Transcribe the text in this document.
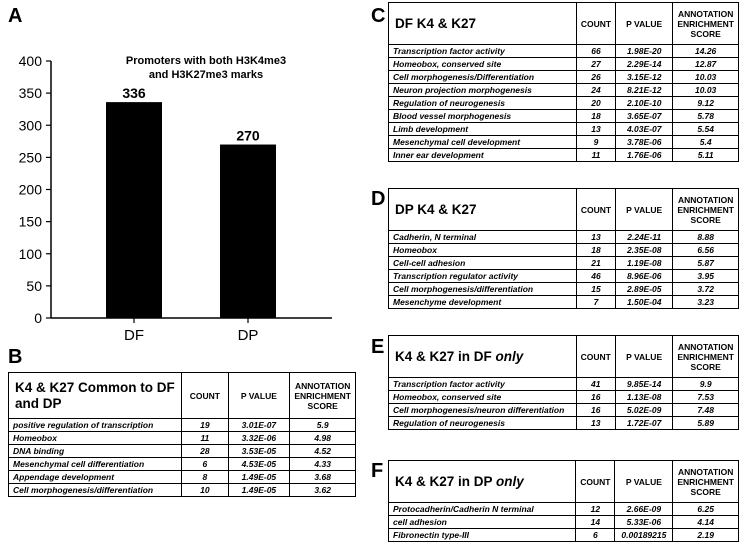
A
B
C
D
E
F
0
50
100
150
200
250
300
350
400
336
DF
270
DP
Promoters with both H3K4me3
and H3K27me3 marks
K4 & K27 Common to DF and DP	COUNT	P VALUE	ANNOTATION ENRICHMENT SCORE
positive regulation of transcription	19	3.01E-07	5.9
Homeobox	11	3.32E-06	4.98
DNA binding	28	3.53E-05	4.52
Mesenchymal cell differentiation	6	4.53E-05	4.33
Appendage development	8	1.49E-05	3.68
Cell morphogenesis/differentiation	10	1.49E-05	3.62
DF K4 & K27	COUNT	P VALUE	ANNOTATION ENRICHMENT SCORE
Transcription factor activity	66	1.98E-20	14.26
Homeobox, conserved site	27	2.29E-14	12.87
Cell morphogenesis/Differentiation	26	3.15E-12	10.03
Neuron projection morphogenesis	24	8.21E-12	10.03
Regulation of neurogenesis	20	2.10E-10	9.12
Blood vessel morphogenesis	18	3.65E-07	5.78
Limb development	13	4.03E-07	5.54
Mesenchymal cell development	9	3.78E-06	5.4
Inner ear development	11	1.76E-06	5.11
DP K4 & K27	COUNT	P VALUE	ANNOTATION ENRICHMENT SCORE
Cadherin, N terminal	13	2.24E-11	8.88
Homeobox	18	2.35E-08	6.56
Cell-cell adhesion	21	1.19E-08	5.87
Transcription regulator activity	46	8.96E-06	3.95
Cell morphogenesis/differentiation	15	2.89E-05	3.72
Mesenchyme development	7	1.50E-04	3.23
K4 & K27 in DF only	COUNT	P VALUE	ANNOTATION ENRICHMENT SCORE
Transcription factor activity	41	9.85E-14	9.9
Homeobox, conserved site	16	1.13E-08	7.53
Cell morphogenesis/neuron differentiation	16	5.02E-09	7.48
Regulation of neurogenesis	13	1.72E-07	5.89
K4 & K27 in DP only	COUNT	P VALUE	ANNOTATION ENRICHMENT SCORE
Protocadherin/Cadherin N terminal	12	2.66E-09	6.25
cell adhesion	14	5.33E-06	4.14
Fibronectin type-III	6	0.00189215	2.19
